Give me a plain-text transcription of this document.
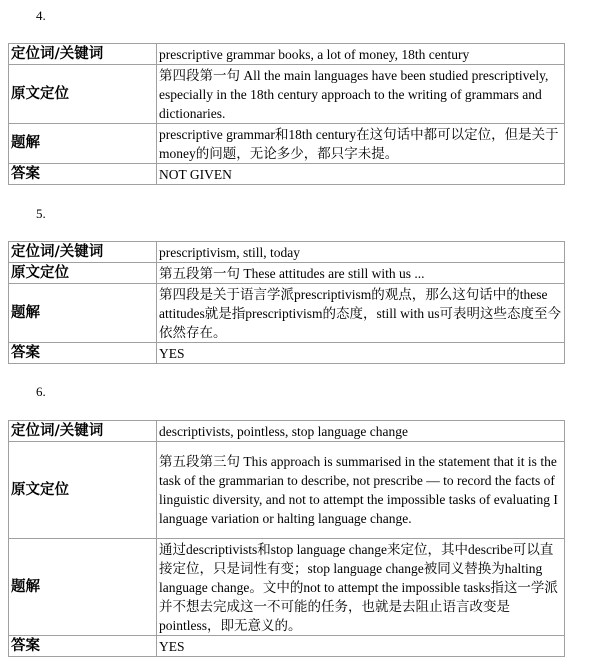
4.
定位词/关键词	prescriptive grammar books, a lot of money, 18th century
原文定位	第四段第一句 All the main languages have been studied prescriptively, especially in the 18th century approach to the writing of grammars and dictionaries.
题解	prescriptive grammar和18th century在这句话中都可以定位，但是关于money的问题，无论多少，都只字未提。
答案	NOT GIVEN
5.
定位词/关键词	prescriptivism, still, today
原文定位	第五段第一句 These attitudes are still with us ...
题解	第四段是关于语言学派prescriptivism的观点，那么这句话中的these attitudes就是指prescriptivism的态度，still with us可表明这些态度至今依然存在。
答案	YES
6.
定位词/关键词	descriptivists, pointless, stop language change
原文定位	第五段第三句 This approach is summarised in the statement that it is the task of the grammarian to describe, not prescribe — to record the facts of linguistic diversity, and not to attempt the impossible tasks of evaluating I language variation or halting language change.
题解	通过descriptivists和stop language change来定位，其中describe可以直接定位，只是词性有变；stop language change被同义替换为halting language change。文中的not to attempt the impossible tasks指这一学派并不想去完成这一不可能的任务，也就是去阻止语言改变是pointless，即无意义的。
答案	YES
